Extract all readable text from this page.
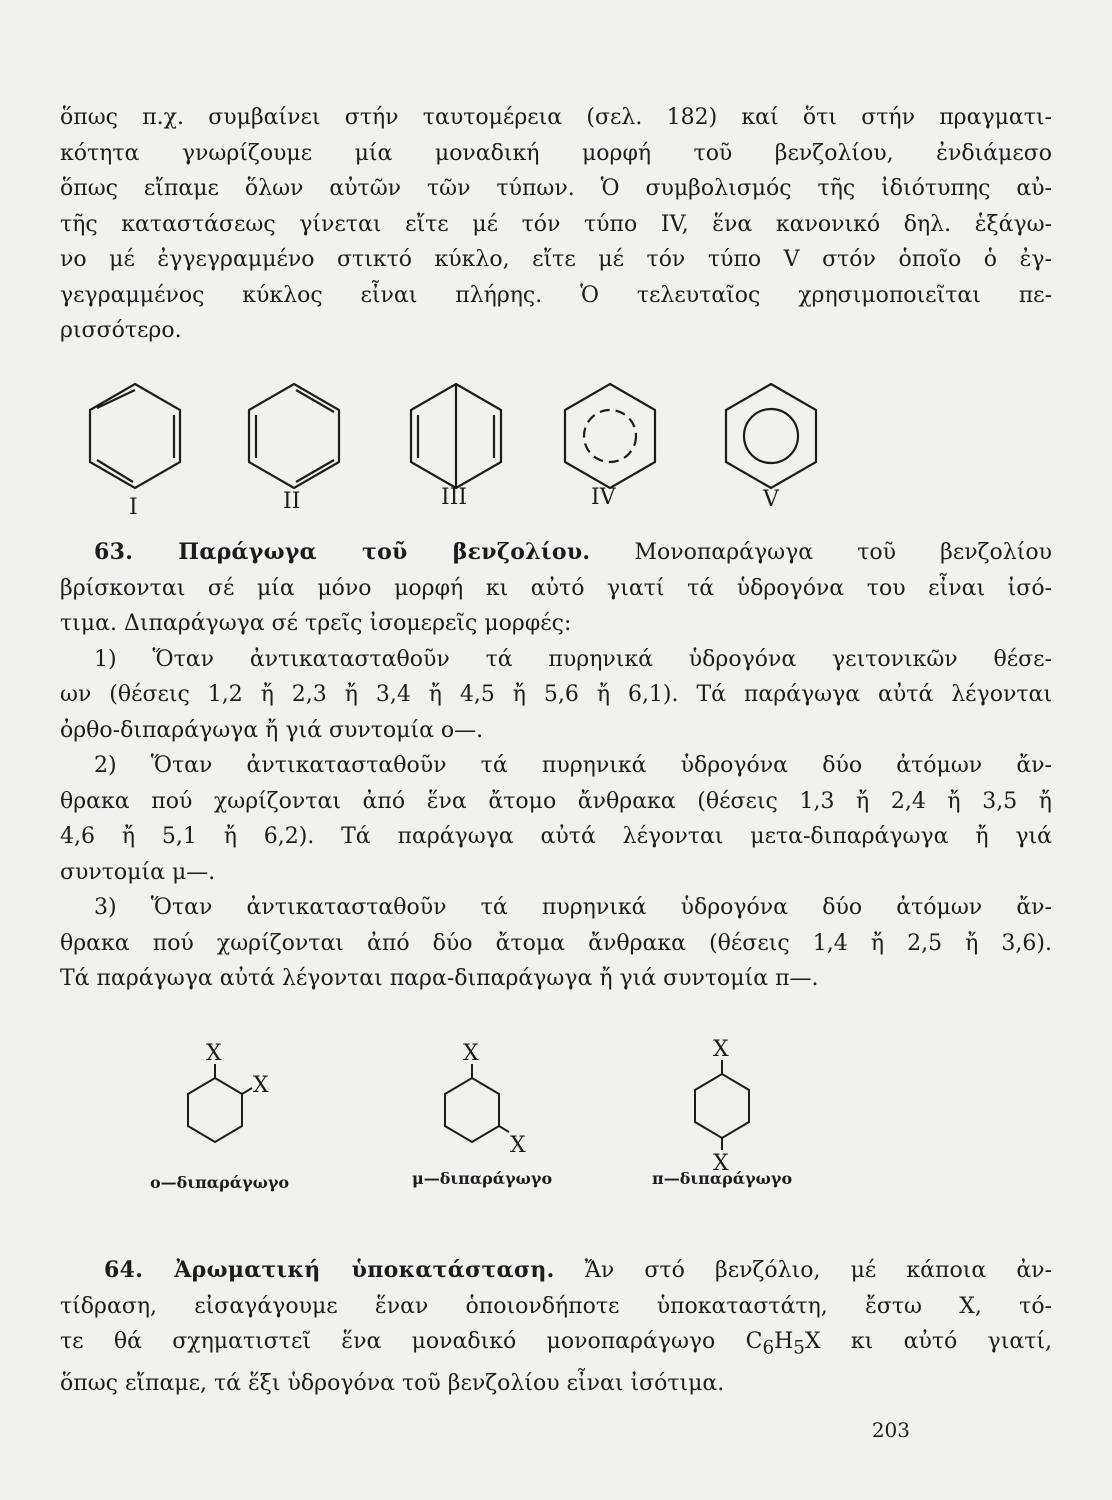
ὅπως π.χ. συμβαίνει στήν ταυτομέρεια (σελ. 182) καί ὅτι στήν πραγματι-

κότητα γνωρίζουμε μία μοναδική μορφή τοῦ βενζολίου, ἐνδιάμεσο

ὅπως εἴπαμε ὅλων αὐτῶν τῶν τύπων. Ὁ συμβολισμός τῆς ἰδιότυπης αὐ-

τῆς καταστάσεως γίνεται εἴτε μέ τόν τύπο IV, ἕνα κανονικό δηλ. ἑξάγω-

νο μέ ἐγγεγραμμένο στικτό κύκλο, εἴτε μέ τόν τύπο V στόν ὁποῖο ὁ ἐγ-

γεγραμμένος κύκλος εἶναι πλήρης. Ὁ τελευταῖος χρησιμοποιεῖται πε-

ρισσότερο.

I	II	III	IV	V

63. Παράγωγα τοῦ βενζολίου. Μονοπαράγωγα τοῦ βενζολίου

βρίσκονται σέ μία μόνο μορφή κι αὐτό γιατί τά ὑδρογόνα του εἶναι ἰσό-

τιμα. Διπαράγωγα σέ τρεῖς ἰσομερεῖς μορφές:

1) Ὅταν ἀντικατασταθοῦν τά πυρηνικά ὑδρογόνα γειτονικῶν θέσε-

ων (θέσεις 1,2 ἤ 2,3 ἤ 3,4 ἤ 4,5 ἤ 5,6 ἤ 6,1). Τά παράγωγα αὐτά λέγονται

ὀρθο-διπαράγωγα ἤ γιά συντομία ο—.

2) Ὅταν ἀντικατασταθοῦν τά πυρηνικά ὑδρογόνα δύο ἀτόμων ἄν-

θρακα πού χωρίζονται ἀπό ἕνα ἄτομο ἄνθρακα (θέσεις 1,3 ἤ 2,4 ἤ 3,5 ἤ

4,6 ἤ 5,1 ἤ 6,2). Τά παράγωγα αὐτά λέγονται μετα-διπαράγωγα ἤ γιά

συντομία μ—.

3) Ὅταν ἀντικατασταθοῦν τά πυρηνικά ὑδρογόνα δύο ἀτόμων ἄν-

θρακα πού χωρίζονται ἀπό δύο ἄτομα ἄνθρακα (θέσεις 1,4 ἤ 2,5 ἤ 3,6).

Τά παράγωγα αὐτά λέγονται παρα-διπαράγωγα ἤ γιά συντομία π—.

X
X
X
X
X
X
ο—διπαράγωγο	μ—διπαράγωγο	π—διπαράγωγο

64. Ἀρωματική ὑποκατάσταση. Ἄν στό βενζόλιο, μέ κάποια ἀν-

τίδραση, εἰσαγάγουμε ἕναν ὁποιονδήποτε ὑποκαταστάτη, ἔστω Χ, τό-

τε θά σχηματιστεῖ ἕνα μοναδικό μονοπαράγωγο $C_6H_5X$ κι αὐτό γιατί,

ὅπως εἴπαμε, τά ἕξι ὑδρογόνα τοῦ βενζολίου εἶναι ἰσότιμα.

203
